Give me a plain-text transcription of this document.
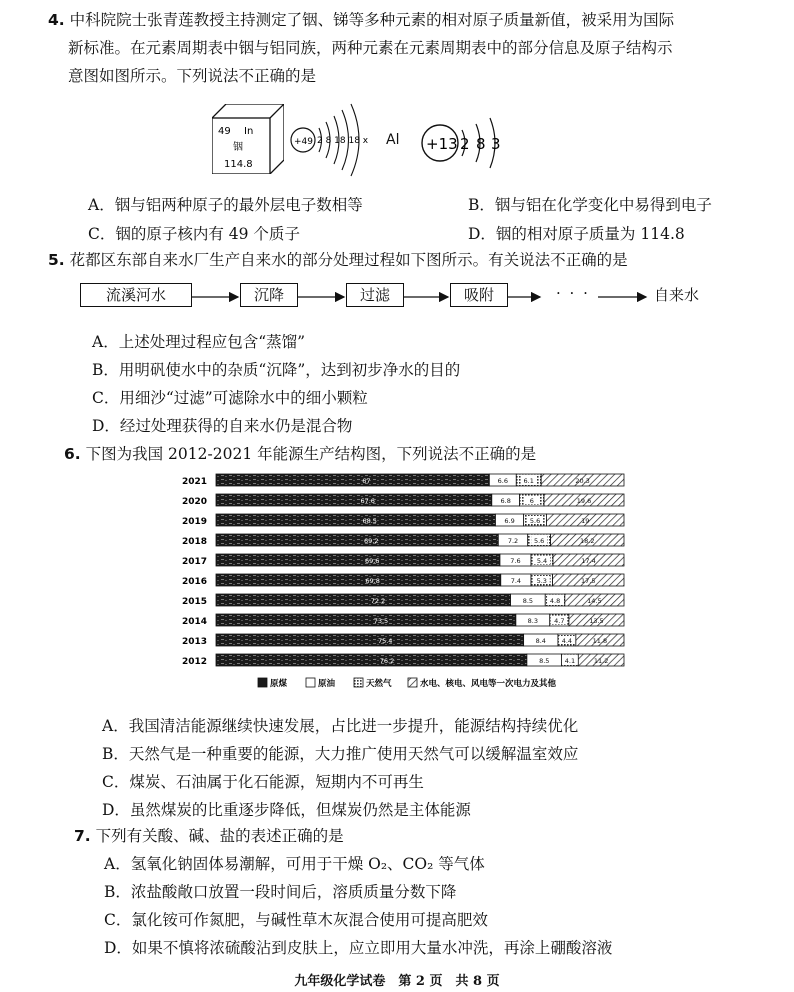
4. 中科院院士张青莲教授主持测定了铟、锑等多种元素的相对原子质量新值，被采用为国际
新标准。在元素周期表中铟与铝同族，两种元素在元素周期表中的部分信息及原子结构示
意图如图所示。下列说法不正确的是
49 In
铟
114.8
+49 2 8 18 18 x Al +13 2 8 3
A．铟与铝两种原子的最外层电子数相等	B．铟与铝在化学变化中易得到电子
C．铟的原子核内有 49 个质子	D．铟的相对原子质量为 114.8
5. 花都区东部自来水厂生产自来水的部分处理过程如下图所示。有关说法不正确的是
流溪河水	沉降	过滤	吸附	· · ·	自来水
A．上述处理过程应包含“蒸馏”
B．用明矾使水中的杂质“沉降”，达到初步净水的目的
C．用细沙“过滤”可滤除水中的细小颗粒
D．经过处理获得的自来水仍是混合物
6. 下图为我国 2012-2021 年能源生产结构图，下列说法不正确的是
2021	67	6.6 6.1	20.3
2020	67.6	6.8	6	19.6
2019	68.5	6.9 5.6	19
2018	69.2	7.2 5.6	18.2
2017	69.6	7.6 5.4	17.4
2016	69.8	7.4 5.3	17.5
2015	72.2	8.5	4.8	14.5
2014	73.5	8.3 4.7	13.5
2013	75.4	8.4 4.4	11.8
2012	76.2	8.5 4.1	11.2
原煤	原油	天然气	水电、核电、风电等一次电力及其他
A．我国清洁能源继续快速发展，占比进一步提升，能源结构持续优化
B．天然气是一种重要的能源，大力推广使用天然气可以缓解温室效应
C．煤炭、石油属于化石能源，短期内不可再生
D．虽然煤炭的比重逐步降低，但煤炭仍然是主体能源
7. 下列有关酸、碱、盐的表述正确的是
A．氢氧化钠固体易潮解，可用于干燥 O₂、CO₂ 等气体
B．浓盐酸敞口放置一段时间后，溶质质量分数下降
C．氯化铵可作氮肥，与碱性草木灰混合使用可提高肥效
D．如果不慎将浓硫酸沾到皮肤上，应立即用大量水冲洗，再涂上硼酸溶液
九年级化学试卷　第 2 页　共 8 页
